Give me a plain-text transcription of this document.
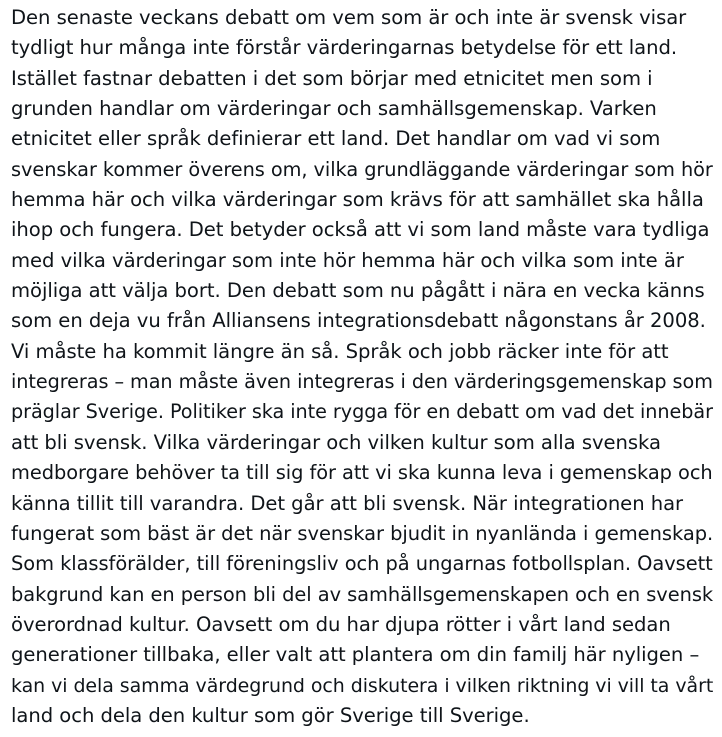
Den senaste veckans debatt om vem som är och inte är svensk visar
tydligt hur många inte förstår värderingarnas betydelse för ett land.
Istället fastnar debatten i det som börjar med etnicitet men som i
grunden handlar om värderingar och samhällsgemenskap. Varken
etnicitet eller språk definierar ett land. Det handlar om vad vi som
svenskar kommer överens om, vilka grundläggande värderingar som hör
hemma här och vilka värderingar som krävs för att samhället ska hålla
ihop och fungera. Det betyder också att vi som land måste vara tydliga
med vilka värderingar som inte hör hemma här och vilka som inte är
möjliga att välja bort. Den debatt som nu pågått i nära en vecka känns
som en deja vu från Alliansens integrationsdebatt någonstans år 2008.
Vi måste ha kommit längre än så. Språk och jobb räcker inte för att
integreras – man måste även integreras i den värderingsgemenskap som
präglar Sverige. Politiker ska inte rygga för en debatt om vad det innebär
att bli svensk. Vilka värderingar och vilken kultur som alla svenska
medborgare behöver ta till sig för att vi ska kunna leva i gemenskap och
känna tillit till varandra. Det går att bli svensk. När integrationen har
fungerat som bäst är det när svenskar bjudit in nyanlända i gemenskap.
Som klassförälder, till föreningsliv och på ungarnas fotbollsplan. Oavsett
bakgrund kan en person bli del av samhällsgemenskapen och en svensk
överordnad kultur. Oavsett om du har djupa rötter i vårt land sedan
generationer tillbaka, eller valt att plantera om din familj här nyligen –
kan vi dela samma värdegrund och diskutera i vilken riktning vi vill ta vårt
land och dela den kultur som gör Sverige till Sverige.
